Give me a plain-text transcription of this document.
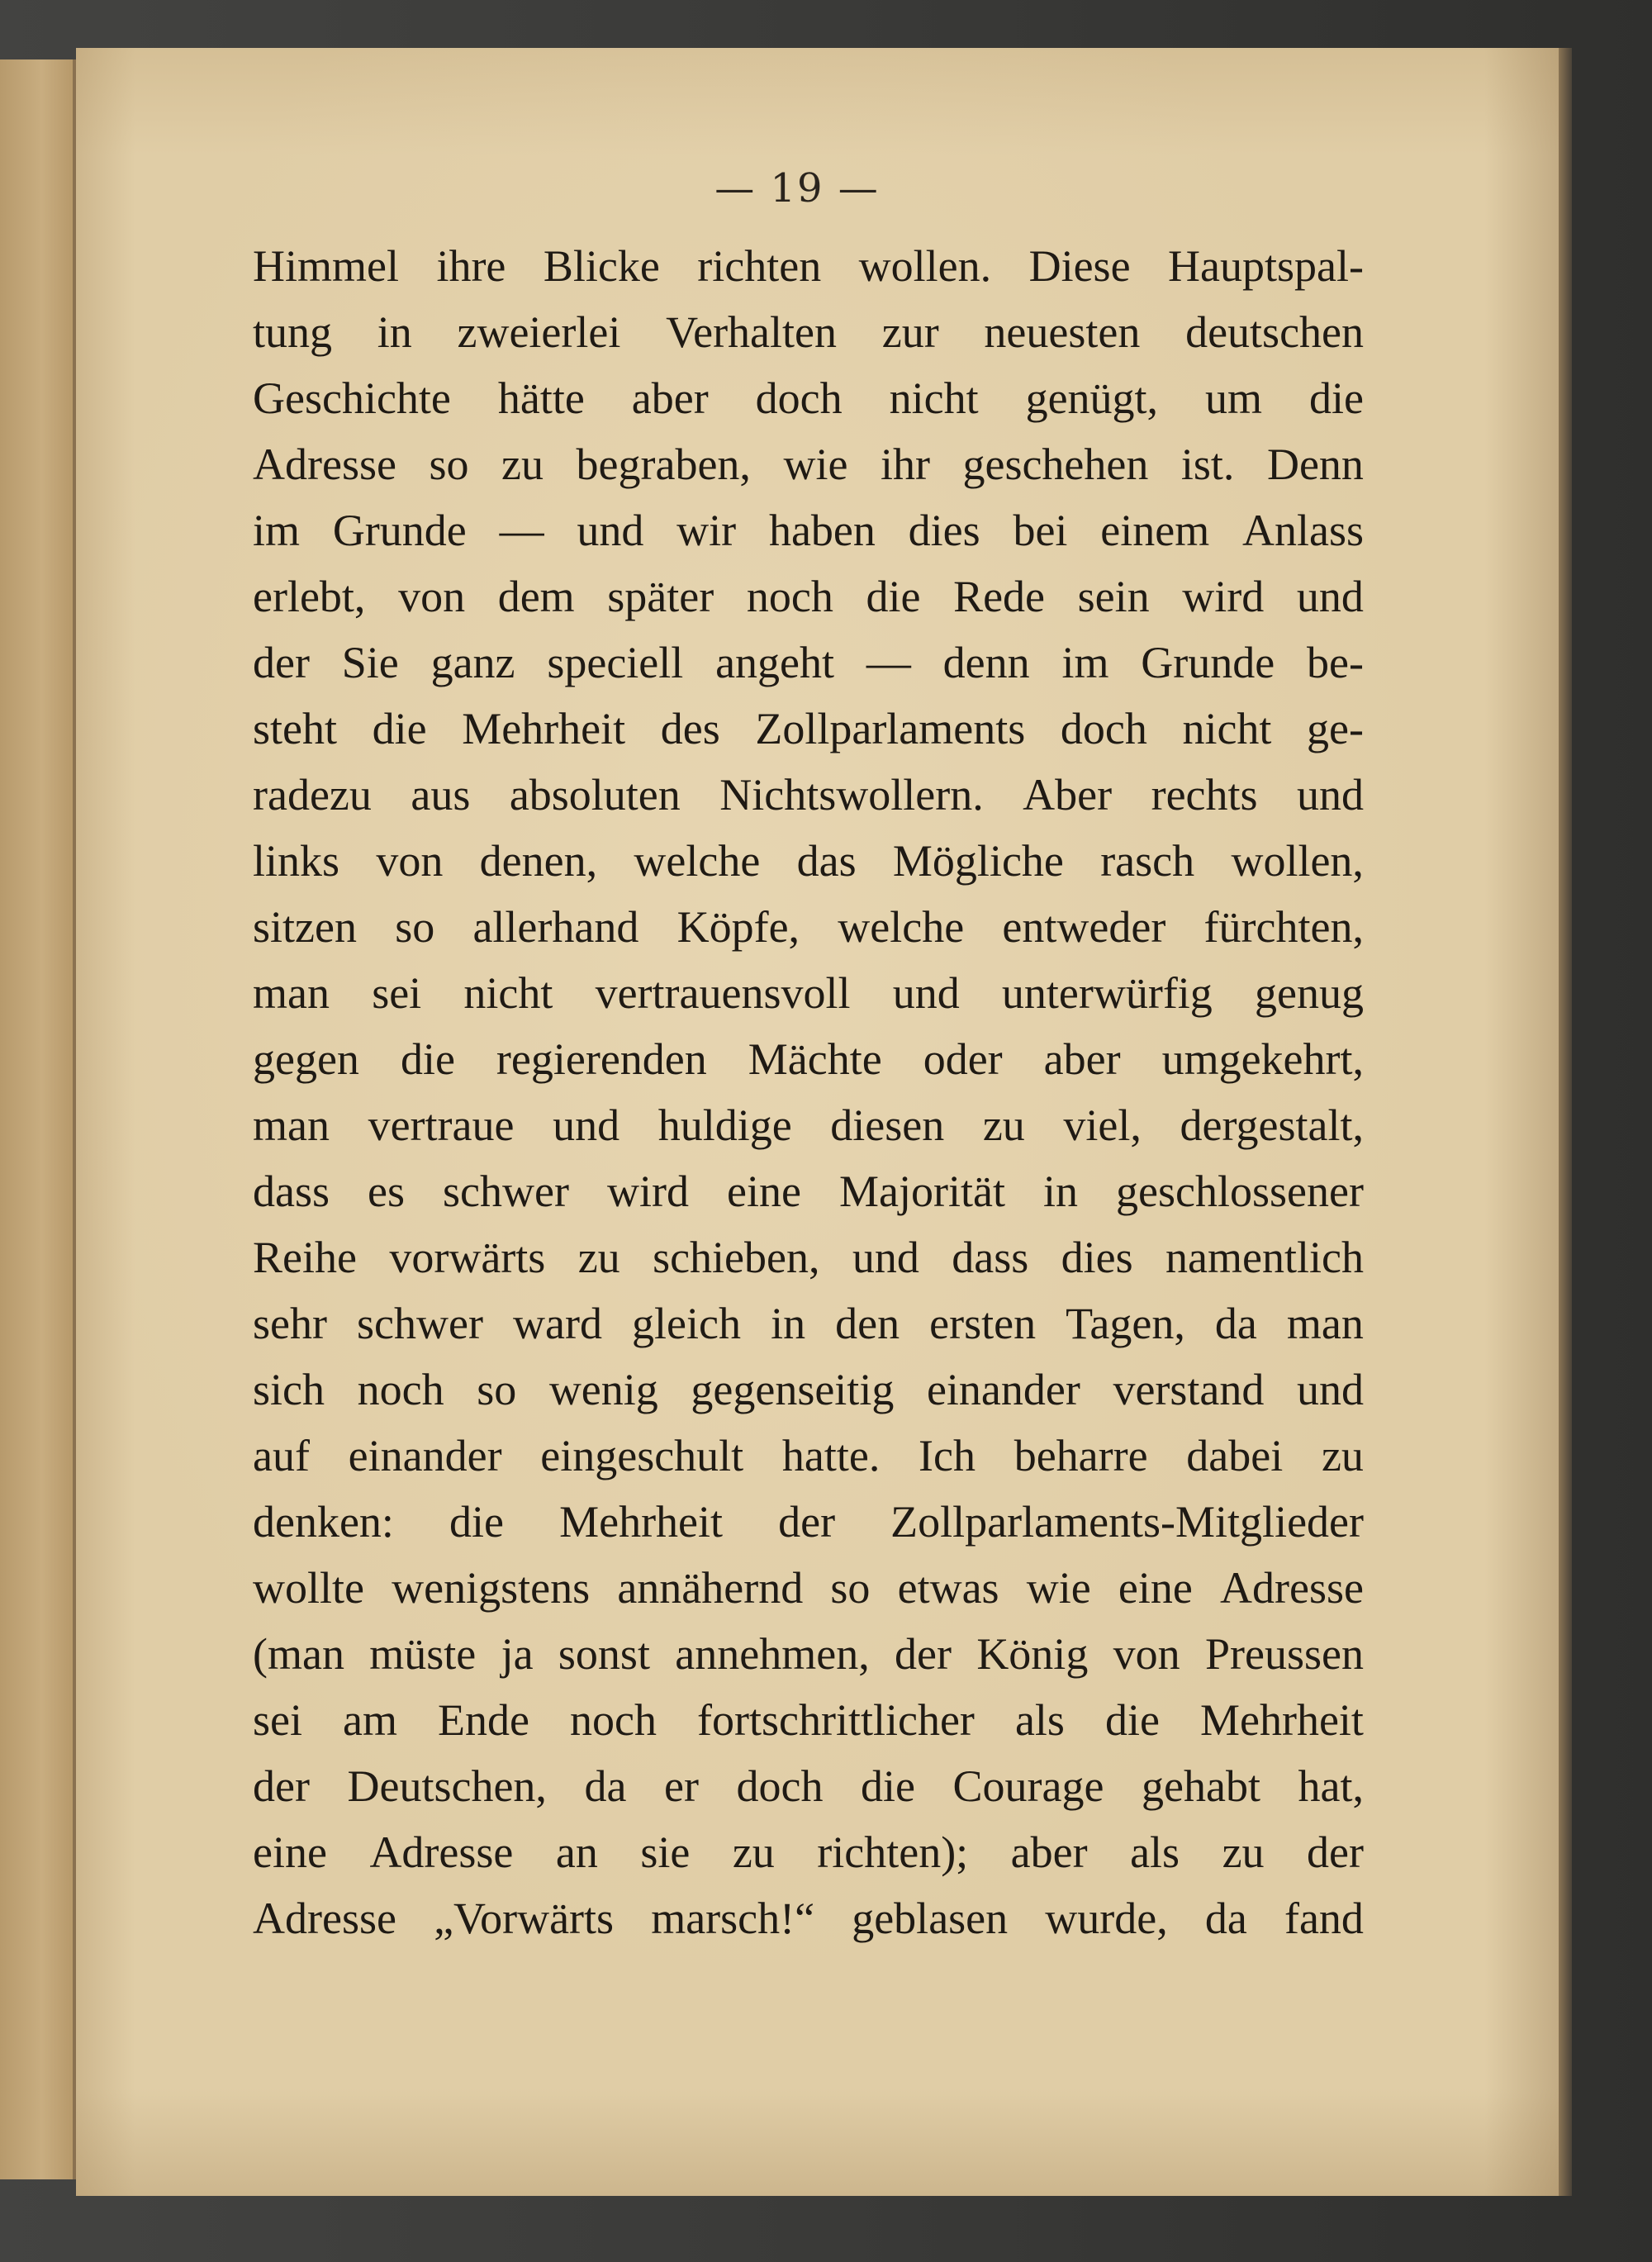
— 19 —
Himmel ihre Blicke richten wollen. Diese Hauptspal-
tung in zweierlei Verhalten zur neuesten deutschen
Geschichte hätte aber doch nicht genügt, um die
Adresse so zu begraben, wie ihr geschehen ist. Denn
im Grunde — und wir haben dies bei einem Anlass
erlebt, von dem später noch die Rede sein wird und
der Sie ganz speciell angeht — denn im Grunde be-
steht die Mehrheit des Zollparlaments doch nicht ge-
radezu aus absoluten Nichtswollern. Aber rechts und
links von denen, welche das Mögliche rasch wollen,
sitzen so allerhand Köpfe, welche entweder fürchten,
man sei nicht vertrauensvoll und unterwürfig genug
gegen die regierenden Mächte oder aber umgekehrt,
man vertraue und huldige diesen zu viel, dergestalt,
dass es schwer wird eine Majorität in geschlossener
Reihe vorwärts zu schieben, und dass dies namentlich
sehr schwer ward gleich in den ersten Tagen, da man
sich noch so wenig gegenseitig einander verstand und
auf einander eingeschult hatte. Ich beharre dabei zu
denken: die Mehrheit der Zollparlaments-Mitglieder
wollte wenigstens annähernd so etwas wie eine Adresse
(man müste ja sonst annehmen, der König von Preussen
sei am Ende noch fortschrittlicher als die Mehrheit
der Deutschen, da er doch die Courage gehabt hat,
eine Adresse an sie zu richten); aber als zu der
Adresse „Vorwärts marsch!“ geblasen wurde, da fand
